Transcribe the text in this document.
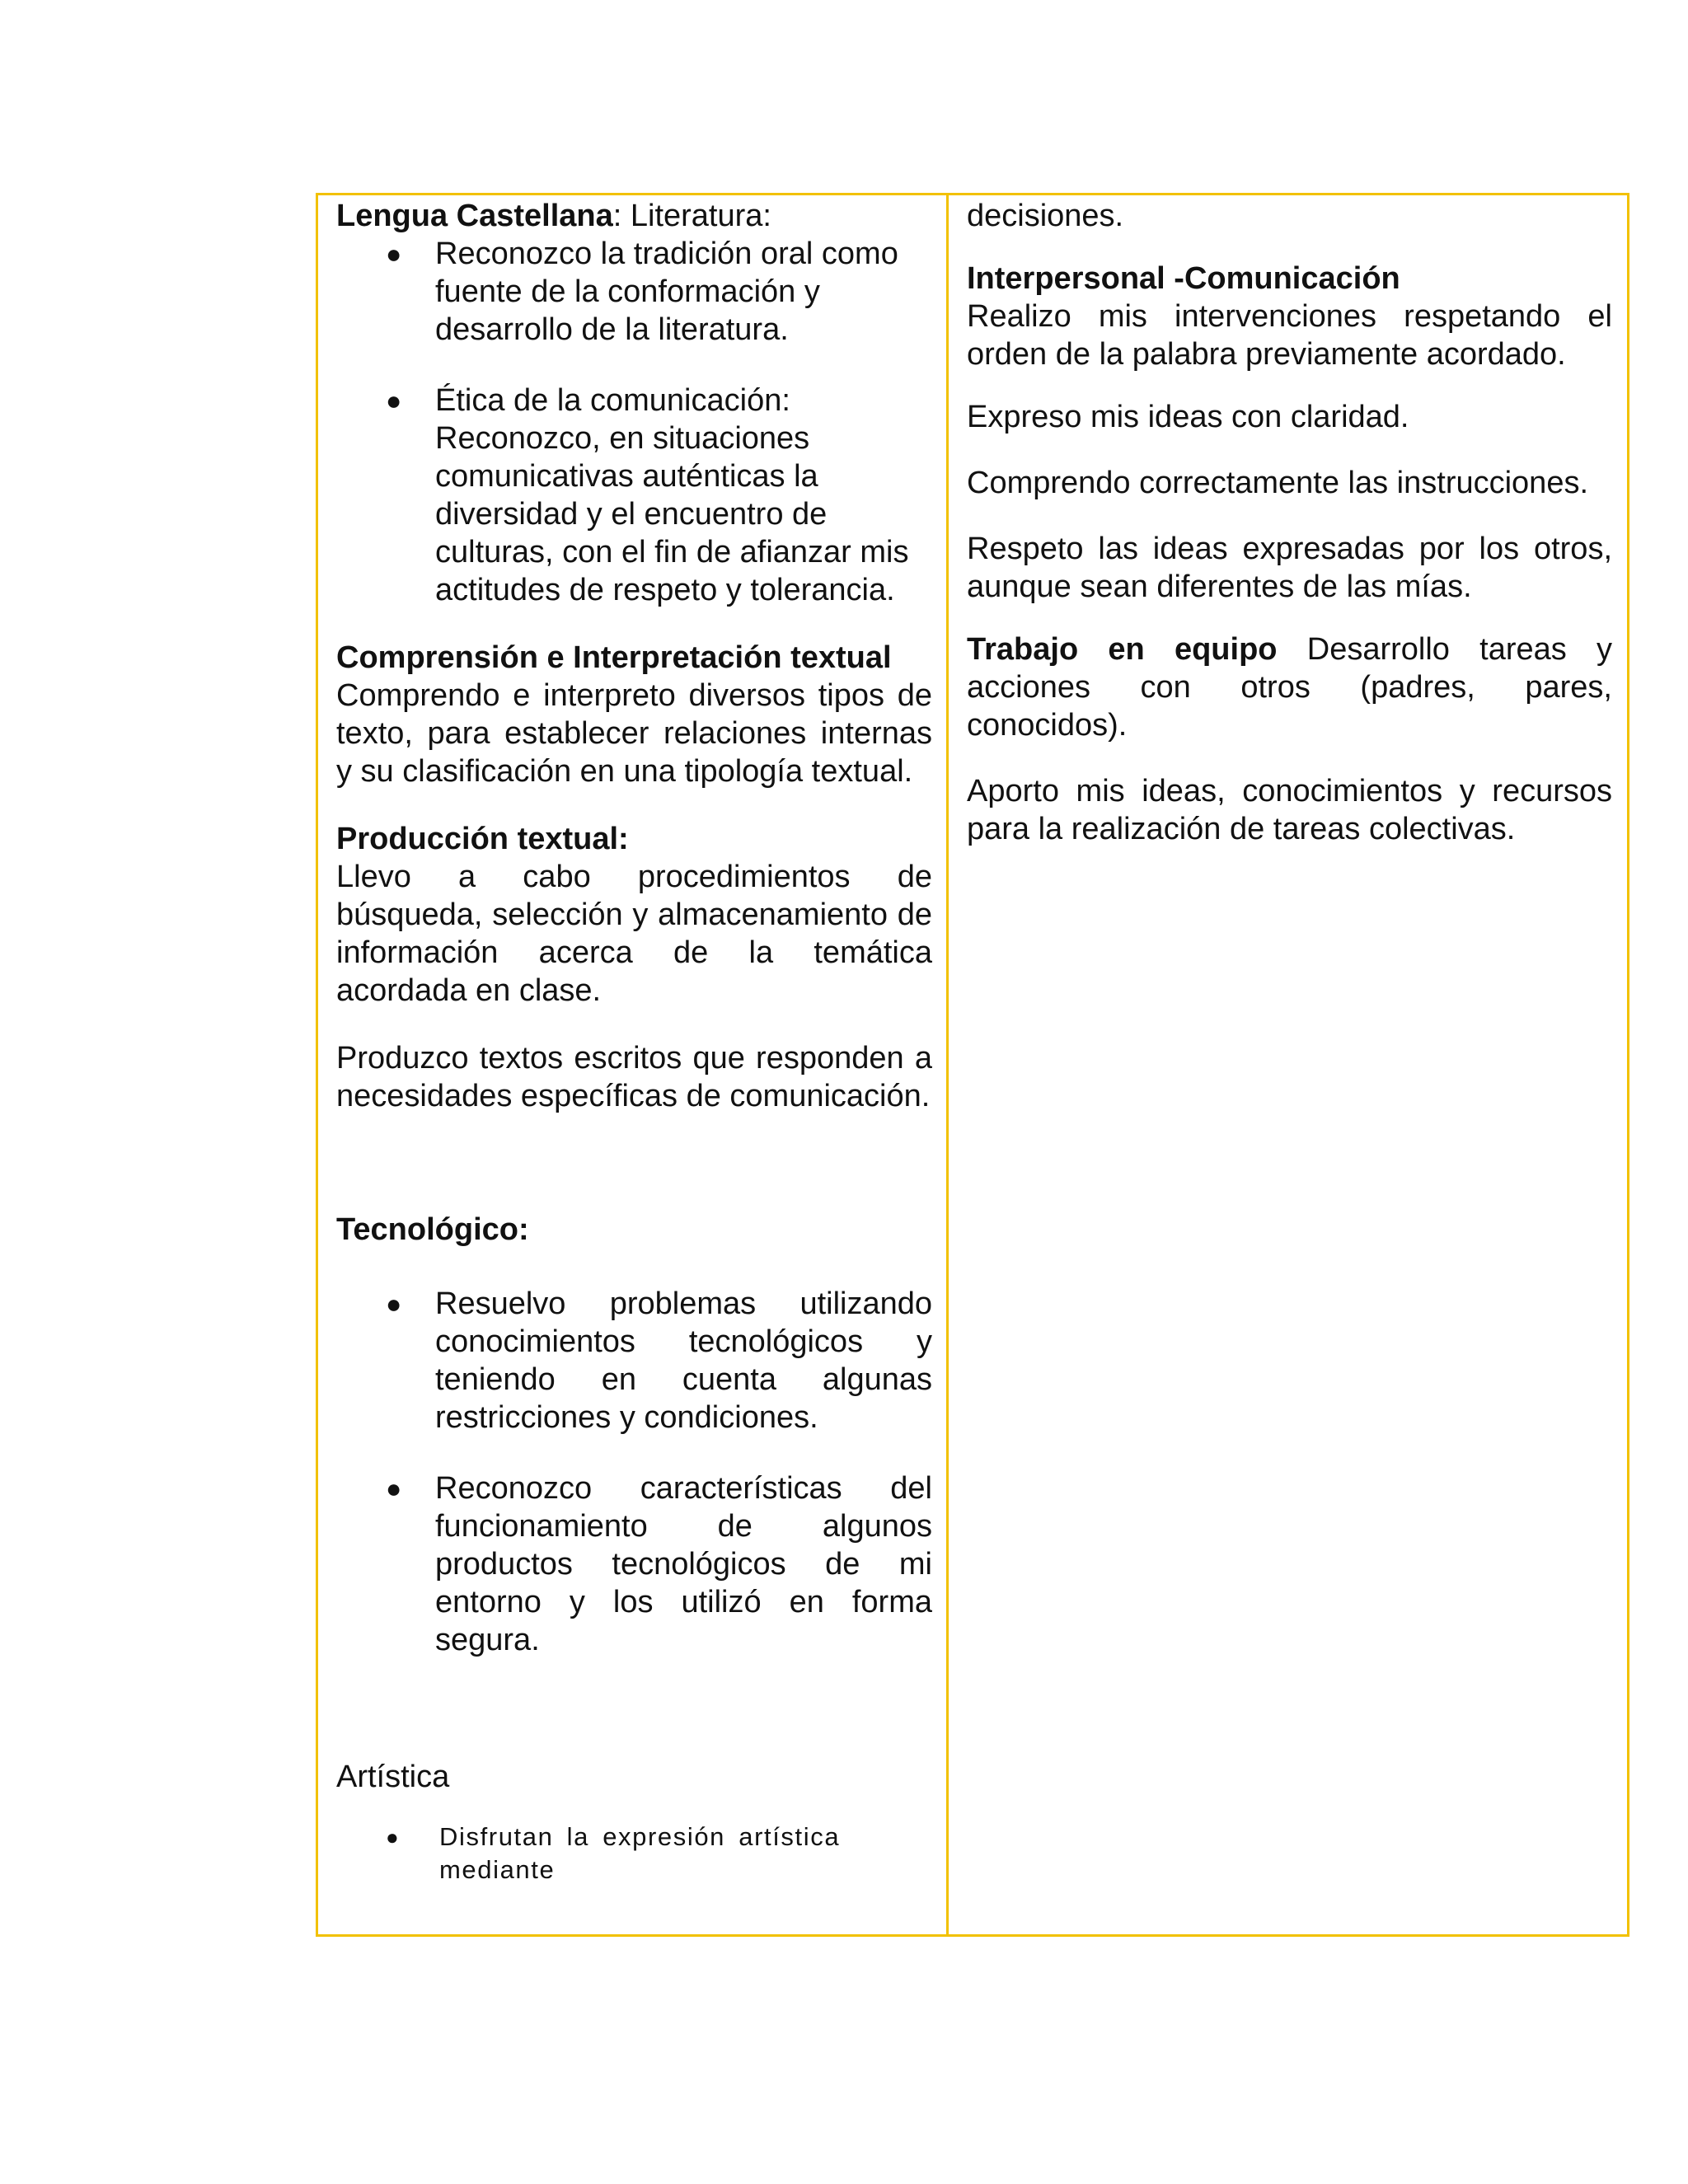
Lengua Castellana: Literatura:

● Reconozco la tradición oral como fuente de la conformación y desarrollo de la literatura.
● Ética de la comunicación: Reconozco, en situaciones comunicativas auténticas la diversidad y el encuentro de culturas, con el fin de afianzar mis actitudes de respeto y tolerancia.

Comprensión e Interpretación textual

Comprendo e interpreto diversos tipos de texto, para establecer relaciones internas y su clasificación en una tipología textual.

Producción textual:

Llevo a cabo procedimientos de búsqueda, selección y almacenamiento de información acerca de la temática acordada en clase.

Produzco textos escritos que responden a necesidades específicas de comunicación.

Tecnológico:

● Resuelvo problemas utilizando conocimientos tecnológicos y teniendo en cuenta algunas restricciones y condiciones.
● Reconozco características del funcionamiento de algunos productos tecnológicos de mi entorno y los utilizó en forma segura.

Artística

● Disfrutan la expresión artística mediante

decisiones.

Interpersonal -Comunicación

Realizo mis intervenciones respetando el orden de la palabra previamente acordado.

Expreso mis ideas con claridad.

Comprendo correctamente las instrucciones.

Respeto las ideas expresadas por los otros, aunque sean diferentes de las mías.

Trabajo en equipo Desarrollo tareas y acciones con otros (padres, pares, conocidos).

Aporto mis ideas, conocimientos y recursos para la realización de tareas colectivas.
